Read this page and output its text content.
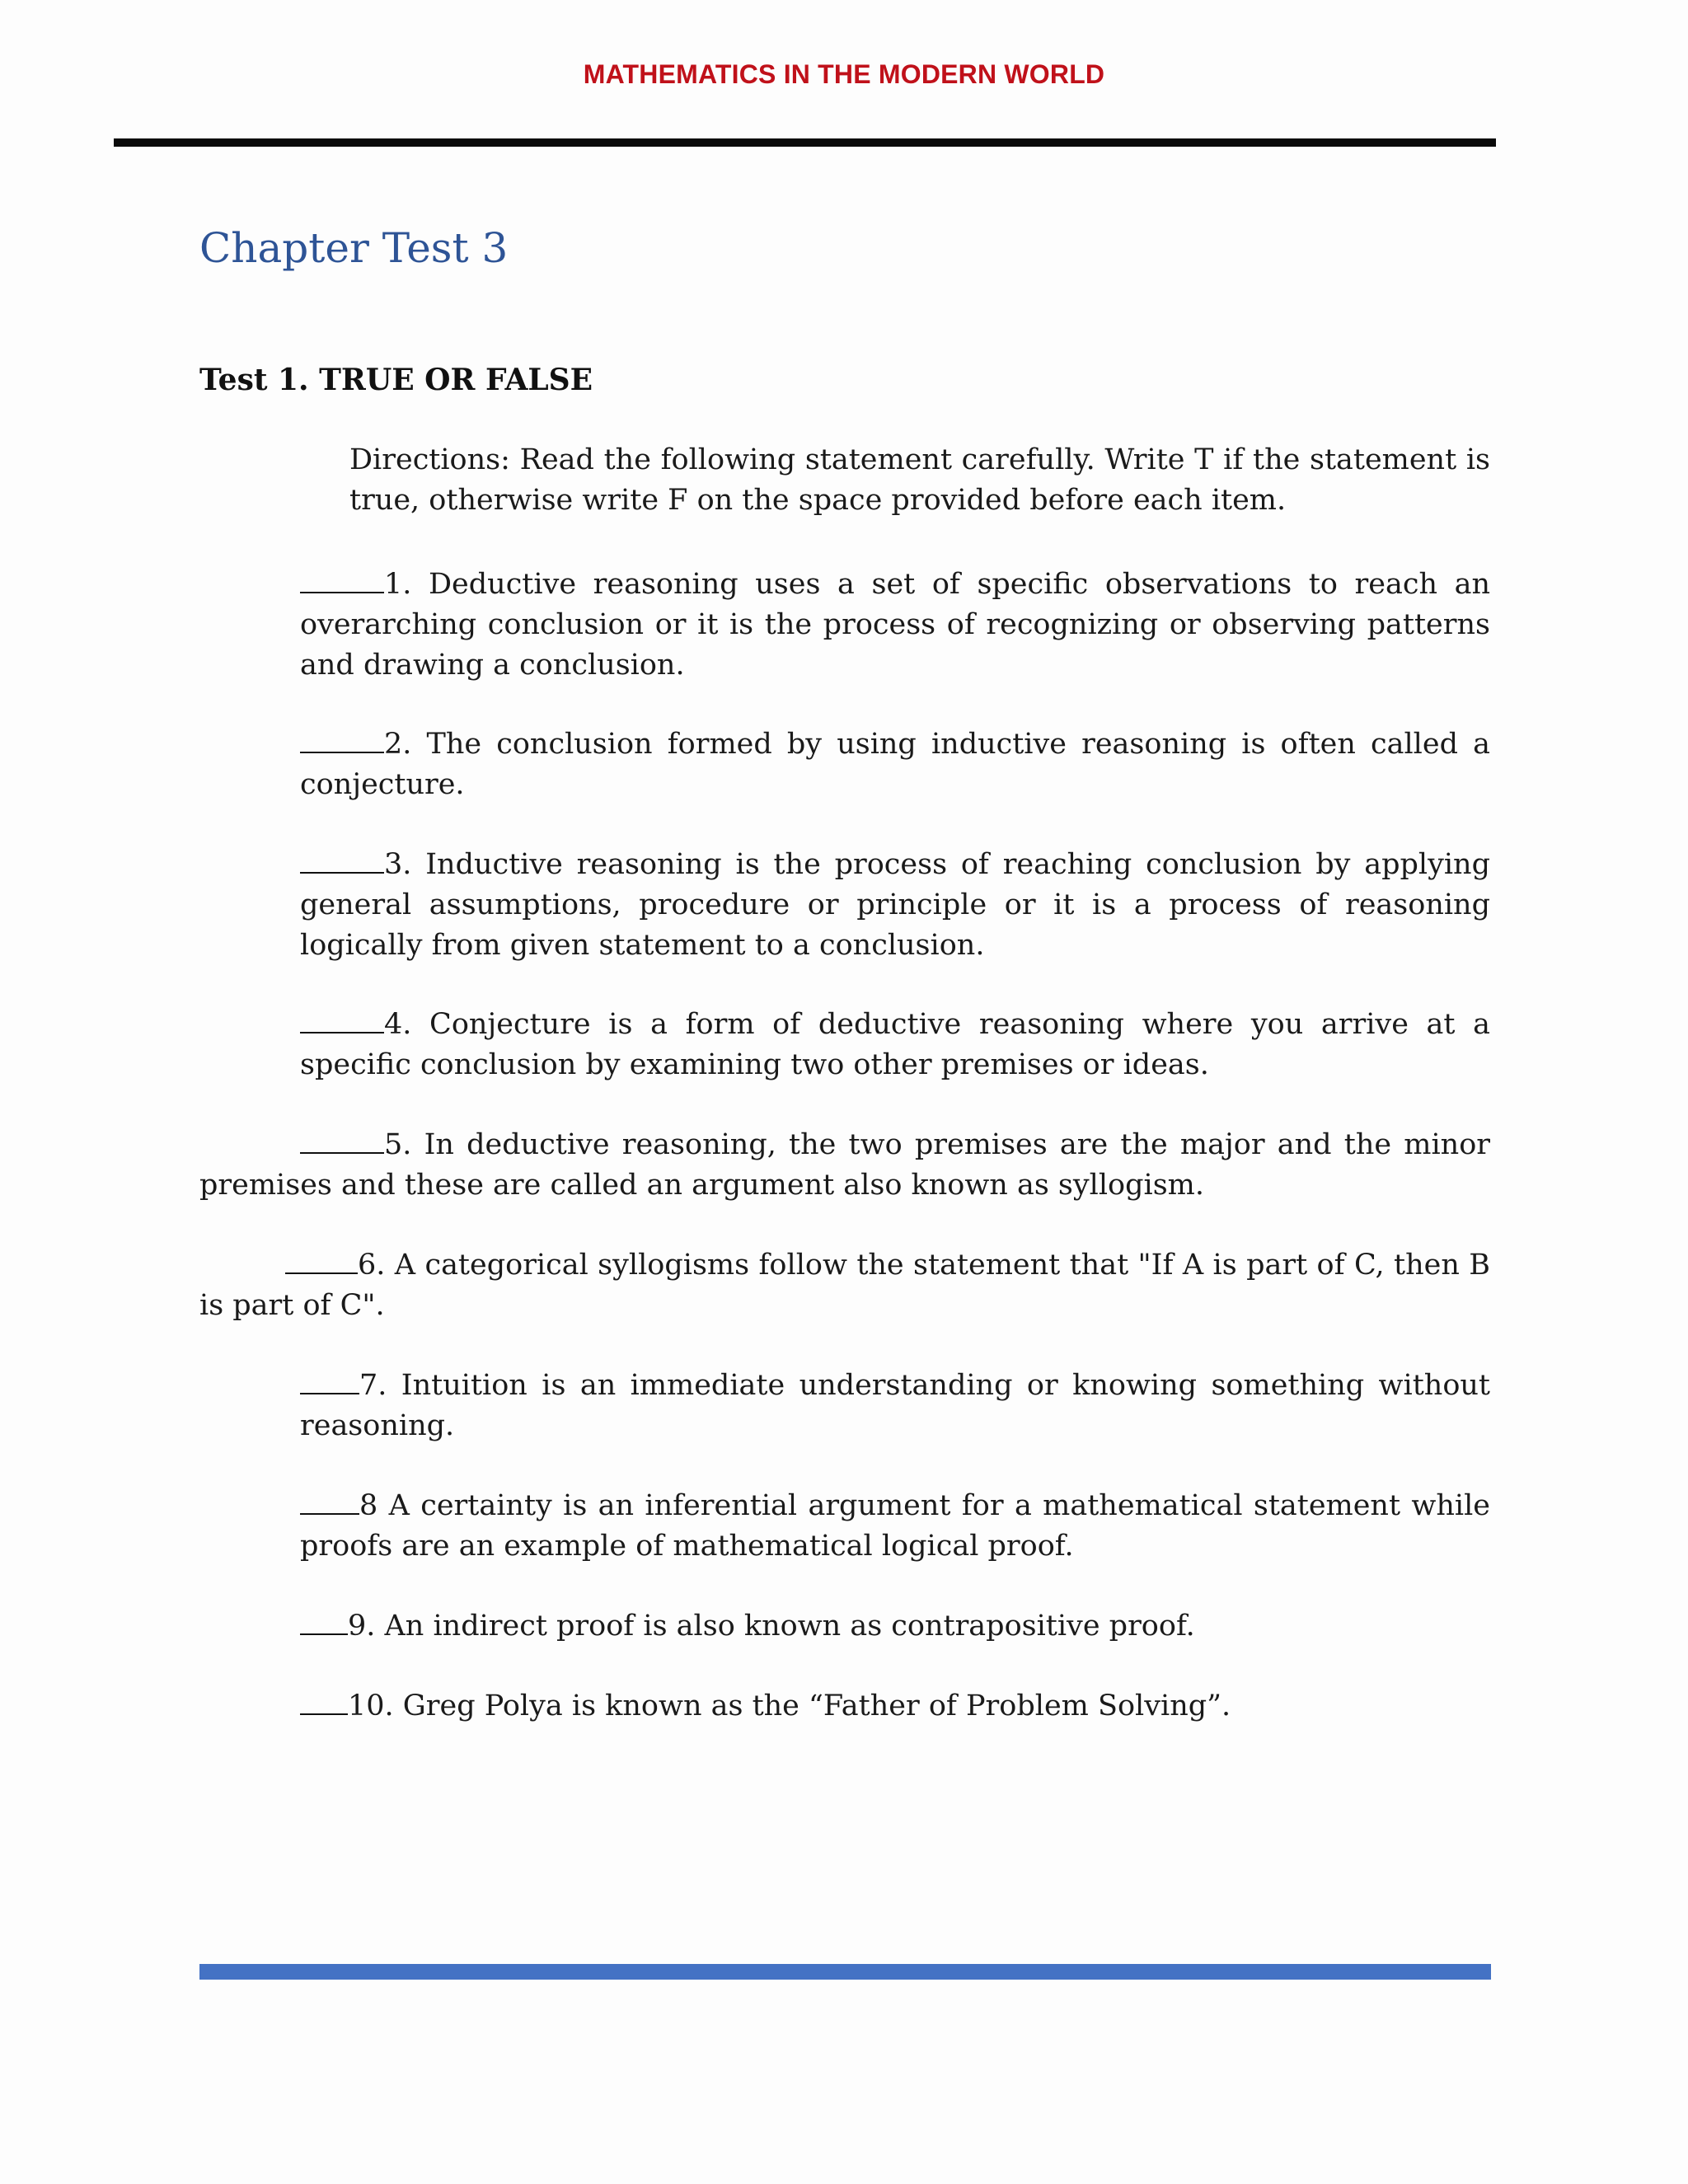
MATHEMATICS IN THE MODERN WORLD
Chapter Test 3
Test 1. TRUE OR FALSE
Directions: Read the following statement carefully. Write T if the statement is true, otherwise write F on the space provided before each item.
1. Deductive reasoning uses a set of specific observations to reach an overarching conclusion or it is the process of recognizing or observing patterns and drawing a conclusion.
2. The conclusion formed by using inductive reasoning is often called a conjecture.
3. Inductive reasoning is the process of reaching conclusion by applying general assumptions, procedure or principle or it is a process of reasoning logically from given statement to a conclusion.
4. Conjecture is a form of deductive reasoning where you arrive at a specific conclusion by examining two other premises or ideas.
5. In deductive reasoning, the two premises are the major and the minor premises and these are called an argument also known as syllogism.
6. A categorical syllogisms follow the statement that "If A is part of C, then B is part of C".
7. Intuition is an immediate understanding or knowing something without reasoning.
8 A certainty is an inferential argument for a mathematical statement while proofs are an example of mathematical logical proof.
9. An indirect proof is also known as contrapositive proof.
10. Greg Polya is known as the “Father of Problem Solving”.
